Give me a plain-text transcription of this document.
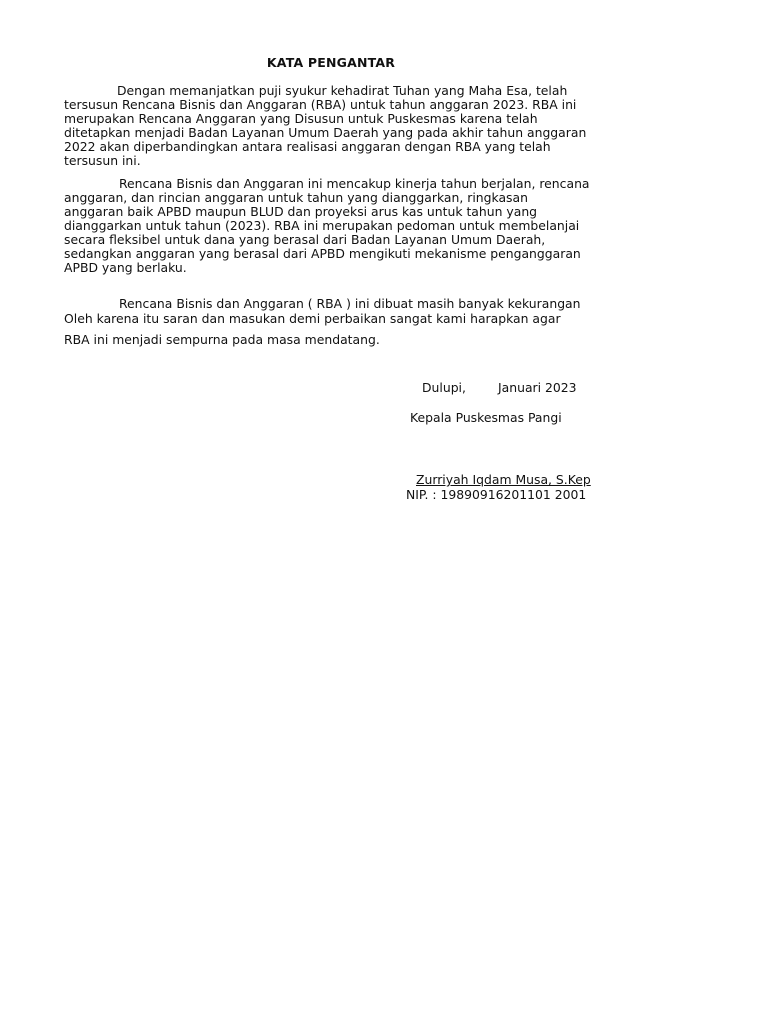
KATA PENGANTAR
Dengan memanjatkan puji syukur kehadirat Tuhan yang Maha Esa, telah
tersusun Rencana Bisnis dan Anggaran (RBA) untuk tahun anggaran 2023. RBA ini
merupakan Rencana Anggaran yang Disusun untuk Puskesmas karena telah
ditetapkan menjadi Badan Layanan Umum Daerah yang pada akhir tahun anggaran
2022 akan diperbandingkan antara realisasi anggaran dengan RBA yang telah
tersusun ini.
Rencana Bisnis dan Anggaran ini mencakup kinerja tahun berjalan, rencana
anggaran, dan rincian anggaran untuk tahun yang dianggarkan, ringkasan
anggaran baik APBD maupun BLUD dan proyeksi arus kas untuk tahun yang
dianggarkan untuk tahun (2023). RBA ini merupakan pedoman untuk membelanjai
secara fleksibel untuk dana yang berasal dari Badan Layanan Umum Daerah,
sedangkan anggaran yang berasal dari APBD mengikuti mekanisme penganggaran
APBD yang berlaku.
Rencana Bisnis dan Anggaran ( RBA ) ini dibuat masih banyak kekurangan
Oleh karena itu saran dan masukan demi perbaikan sangat kami harapkan agar
RBA ini menjadi sempurna pada masa mendatang.
Dulupi,	Januari 2023
Kepala Puskesmas Pangi
Zurriyah Iqdam Musa, S.Kep
NIP. : 19890916201101 2001
